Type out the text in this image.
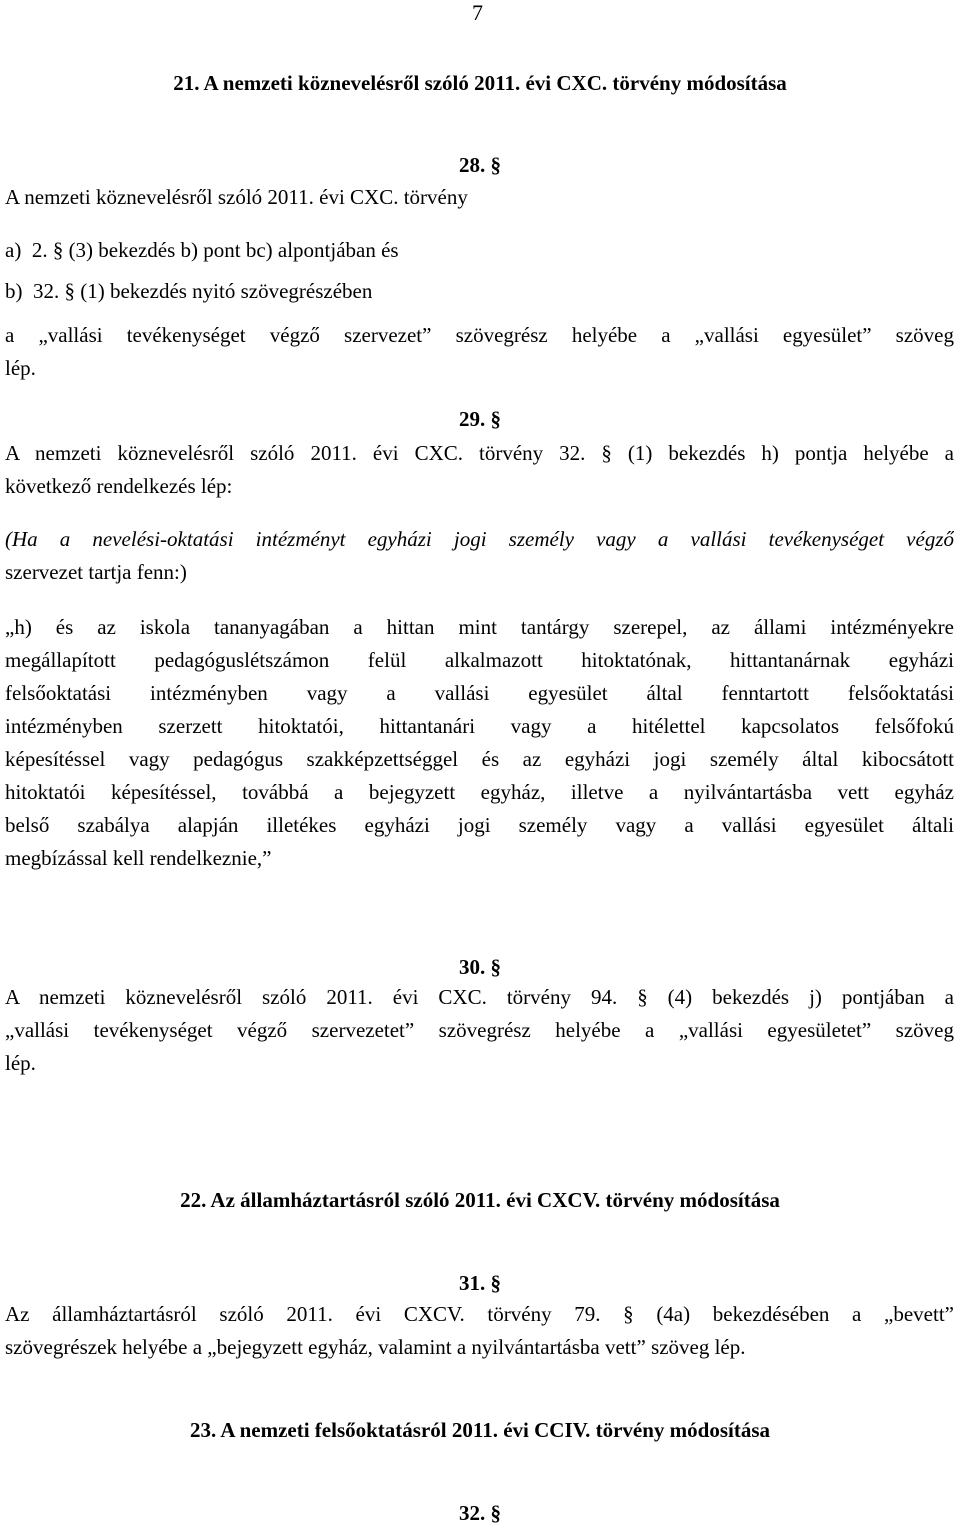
7
21. A nemzeti köznevelésről szóló 2011. évi CXC. törvény módosítása
28. §
A nemzeti köznevelésről szóló 2011. évi CXC. törvény
a)  2. § (3) bekezdés b) pont bc) alpontjában és
b)  32. § (1) bekezdés nyitó szövegrészében
a „vallási tevékenységet végző szervezet” szövegrész helyébe a „vallási egyesület” szöveg
lép.
29. §
A nemzeti köznevelésről szóló 2011. évi CXC. törvény 32. § (1) bekezdés h) pontja helyébe a
következő rendelkezés lép:
(Ha a nevelési-oktatási intézményt egyházi jogi személy vagy a vallási tevékenységet végző
szervezet tartja fenn:)
„h) és az iskola tananyagában a hittan mint tantárgy szerepel, az állami intézményekre
megállapított pedagóguslétszámon felül alkalmazott hitoktatónak, hittantanárnak egyházi
felsőoktatási intézményben vagy a vallási egyesület által fenntartott felsőoktatási
intézményben szerzett hitoktatói, hittantanári vagy a hitélettel kapcsolatos felsőfokú
képesítéssel vagy pedagógus szakképzettséggel és az egyházi jogi személy által kibocsátott
hitoktatói képesítéssel, továbbá a bejegyzett egyház, illetve a nyilvántartásba vett egyház
belső szabálya alapján illetékes egyházi jogi személy vagy a vallási egyesület általi
megbízással kell rendelkeznie,”
30. §
A nemzeti köznevelésről szóló 2011. évi CXC. törvény 94. § (4) bekezdés j) pontjában a
„vallási tevékenységet végző szervezetet” szövegrész helyébe a „vallási egyesületet” szöveg
lép.
22. Az államháztartásról szóló 2011. évi CXCV. törvény módosítása
31. §
Az államháztartásról szóló 2011. évi CXCV. törvény 79. § (4a) bekezdésében a „bevett”
szövegrészek helyébe a „bejegyzett egyház, valamint a nyilvántartásba vett” szöveg lép.
23. A nemzeti felsőoktatásról 2011. évi CCIV. törvény módosítása
32. §
